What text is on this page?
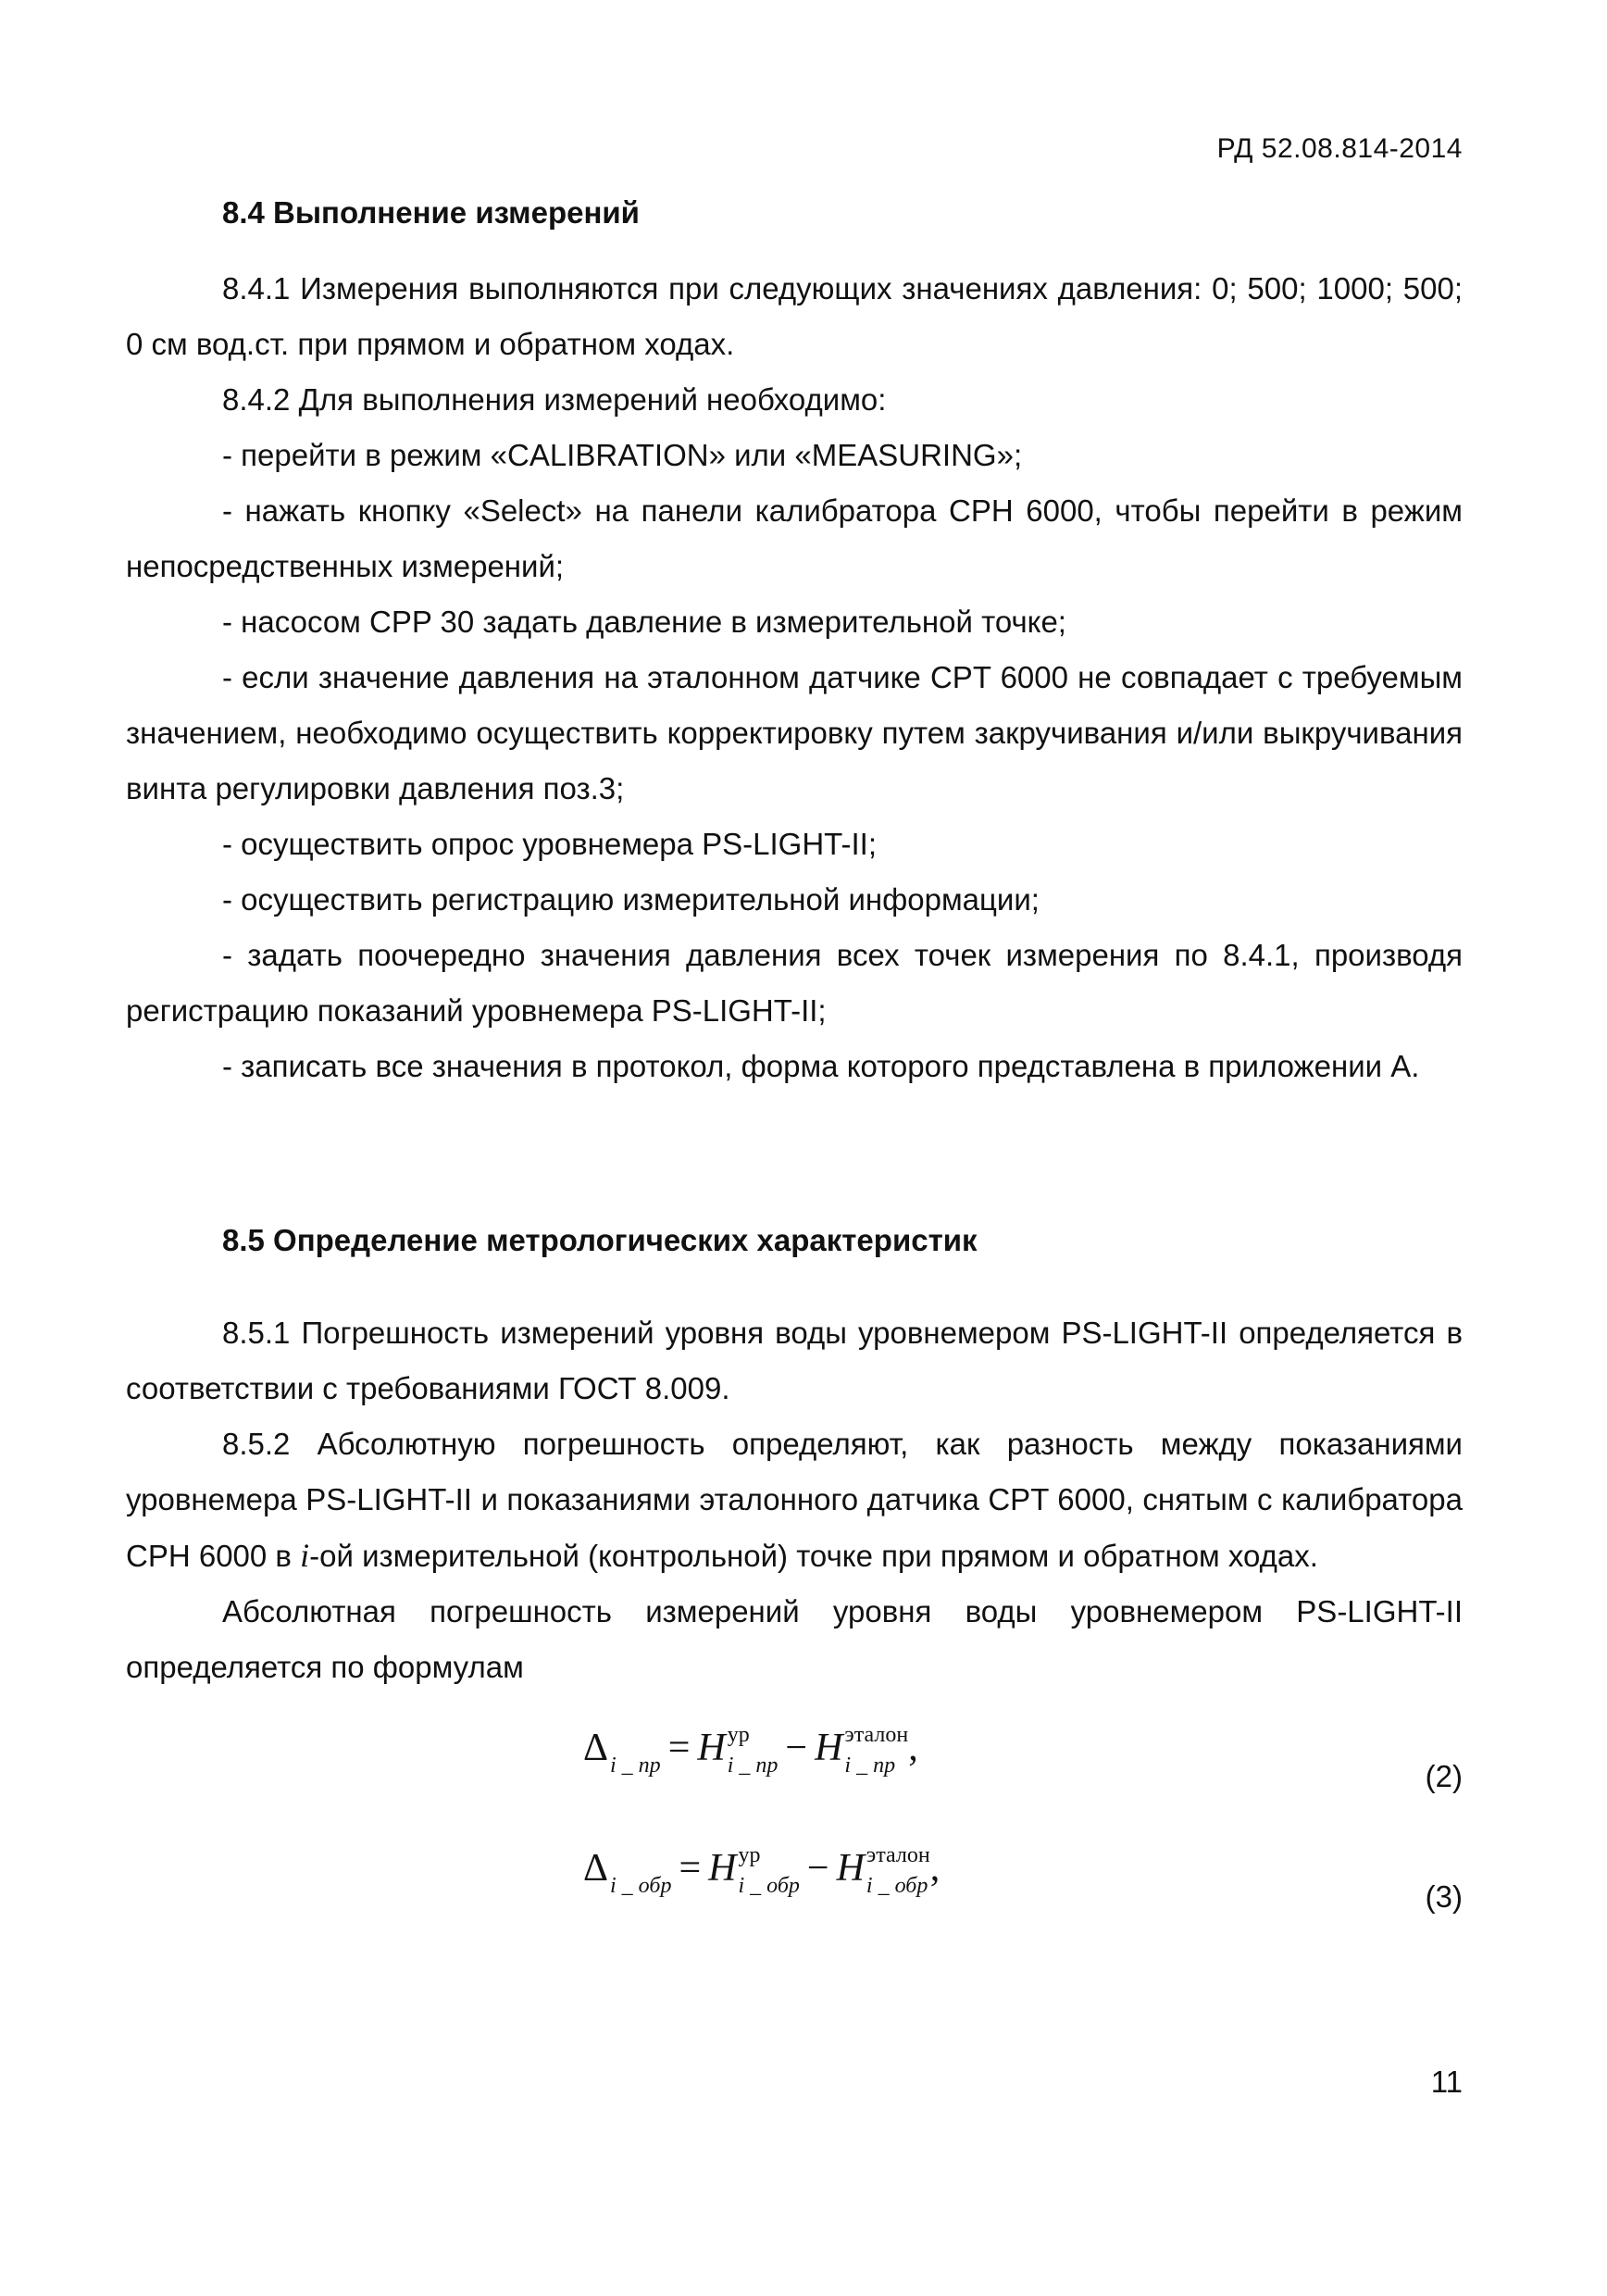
РД 52.08.814-2014

8.4 Выполнение измерений

8.4.1 Измерения выполняются при следующих значениях давления: 0; 500; 1000; 500; 0 см вод.ст. при прямом и обратном ходах.

8.4.2 Для выполнения измерений необходимо:

- перейти в режим «CALIBRATION» или «MEASURING»;

- нажать кнопку «Select» на панели калибратора CPH 6000, чтобы перейти в режим непосредственных измерений;

- насосом CPP 30 задать давление в измерительной точке;

- если значение давления на эталонном датчике CPT 6000 не совпадает с требуемым значением, необходимо осуществить корректировку путем закручивания и/или выкручивания винта регулировки давления поз.3;

- осуществить опрос уровнемера PS-LIGHT-II;

- осуществить регистрацию измерительной информации;

- задать поочередно значения давления всех точек измерения по 8.4.1, производя регистрацию показаний уровнемера PS-LIGHT-II;

- записать все значения в протокол, форма которого представлена в приложении А.

8.5 Определение метрологических характеристик

8.5.1 Погрешность измерений уровня воды уровнемером PS-LIGHT-II определяется в соответствии с требованиями ГОСТ 8.009.

8.5.2 Абсолютную погрешность определяют, как разность между показаниями уровнемера PS-LIGHT-II и показаниями эталонного датчика CPT 6000, снятым с калибратора CPH 6000 в i-ой измерительной (контрольной) точке при прямом и обратном ходах.

Абсолютная погрешность измерений уровня воды уровнемером PS-LIGHT-II определяется по формулам

Δ
i _ пр = H ур
i _ пр − H эталон
i _ пр ,
(2)
Δ
i _ обр = H ур
i _ обр − H эталон
i _ обр ,
(3)
11
